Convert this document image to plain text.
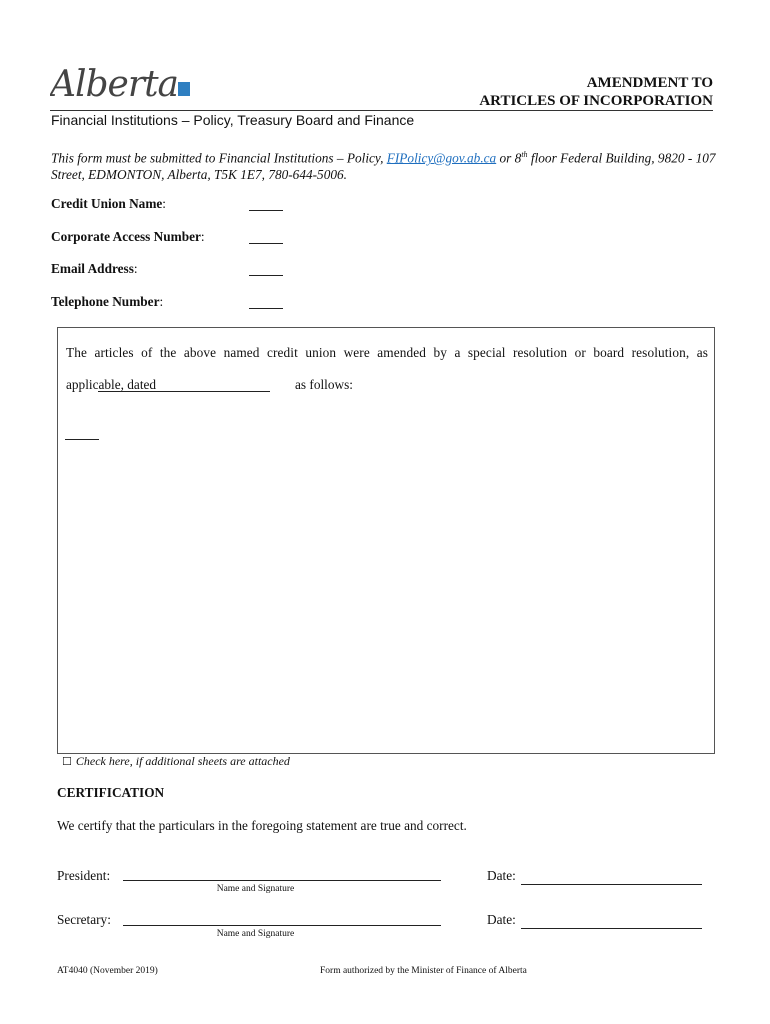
Alberta	AMENDMENT TO
ARTICLES OF INCORPORATION
Financial Institutions – Policy, Treasury Board and Finance
This form must be submitted to Financial Institutions – Policy, FIPolicy@gov.ab.ca or 8th floor Federal Building, 9820 - 107 Street, EDMONTON, Alberta, T5K 1E7, 780-644-5006.
Credit Union Name:
Corporate Access Number:
Email Address:
Telephone Number:
The articles of the above named credit union were amended by a special resolution or board resolution, as
applicable, dated	as follows:
☐ Check here, if additional sheets are attached
CERTIFICATION
We certify that the particulars in the foregoing statement are true and correct.
President:
Name and Signature
Date:
Secretary:
Name and Signature
Date:
AT4040 (November 2019)	Form authorized by the Minister of Finance of Alberta
